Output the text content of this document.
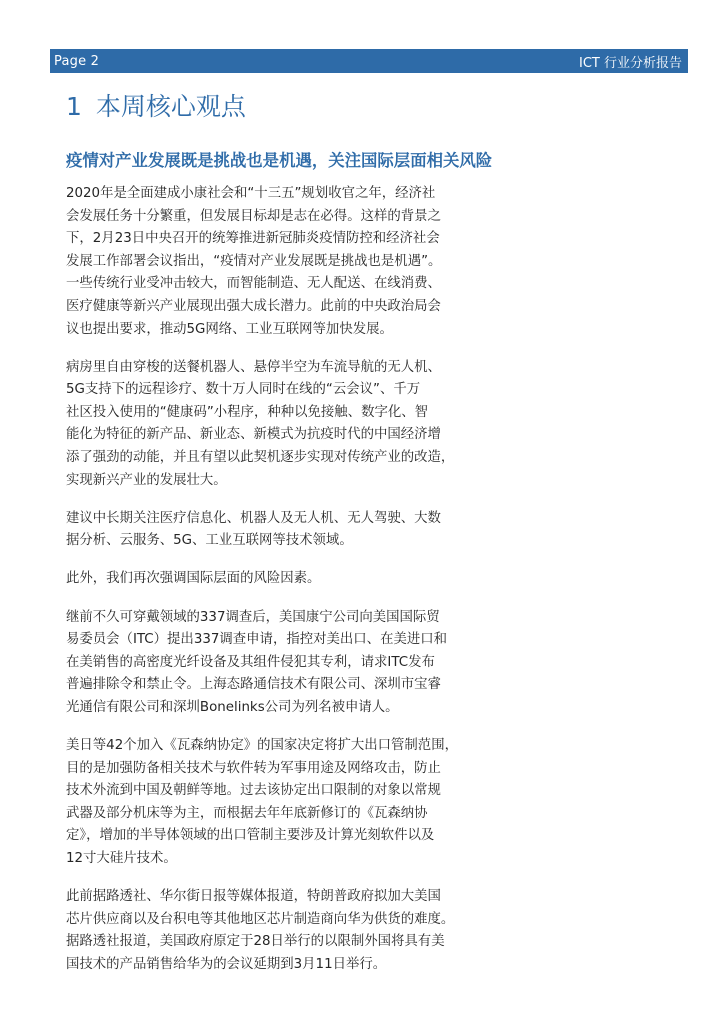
Page 2	ICT 行业分析报告
1 本周核心观点
疫情对产业发展既是挑战也是机遇，关注国际层面相关风险

2020年是全面建成小康社会和“十三五”规划收官之年，经济社
会发展任务十分繁重，但发展目标却是志在必得。这样的背景之
下，2月23日中央召开的统筹推进新冠肺炎疫情防控和经济社会
发展工作部署会议指出，“疫情对产业发展既是挑战也是机遇”。
一些传统行业受冲击较大，而智能制造、无人配送、在线消费、
医疗健康等新兴产业展现出强大成长潜力。此前的中央政治局会
议也提出要求，推动5G网络、工业互联网等加快发展。

病房里自由穿梭的送餐机器人、悬停半空为车流导航的无人机、
5G支持下的远程诊疗、数十万人同时在线的“云会议”、千万
社区投入使用的“健康码”小程序，种种以免接触、数字化、智
能化为特征的新产品、新业态、新模式为抗疫时代的中国经济增
添了强劲的动能，并且有望以此契机逐步实现对传统产业的改造，
实现新兴产业的发展壮大。

建议中长期关注医疗信息化、机器人及无人机、无人驾驶、大数
据分析、云服务、5G、工业互联网等技术领域。

此外，我们再次强调国际层面的风险因素。

继前不久可穿戴领域的337调查后，美国康宁公司向美国国际贸
易委员会（ITC）提出337调查申请，指控对美出口、在美进口和
在美销售的高密度光纤设备及其组件侵犯其专利，请求ITC发布
普遍排除令和禁止令。上海态路通信技术有限公司、深圳市宝睿
光通信有限公司和深圳Bonelinks公司为列名被申请人。

美日等42个加入《瓦森纳协定》的国家决定将扩大出口管制范围，
目的是加强防备相关技术与软件转为军事用途及网络攻击，防止
技术外流到中国及朝鲜等地。过去该协定出口限制的对象以常规
武器及部分机床等为主，而根据去年年底新修订的《瓦森纳协
定》，增加的半导体领域的出口管制主要涉及计算光刻软件以及
12寸大硅片技术。

此前据路透社、华尔街日报等媒体报道，特朗普政府拟加大美国
芯片供应商以及台积电等其他地区芯片制造商向华为供货的难度。
据路透社报道，美国政府原定于28日举行的以限制外国将具有美
国技术的产品销售给华为的会议延期到3月11日举行。
